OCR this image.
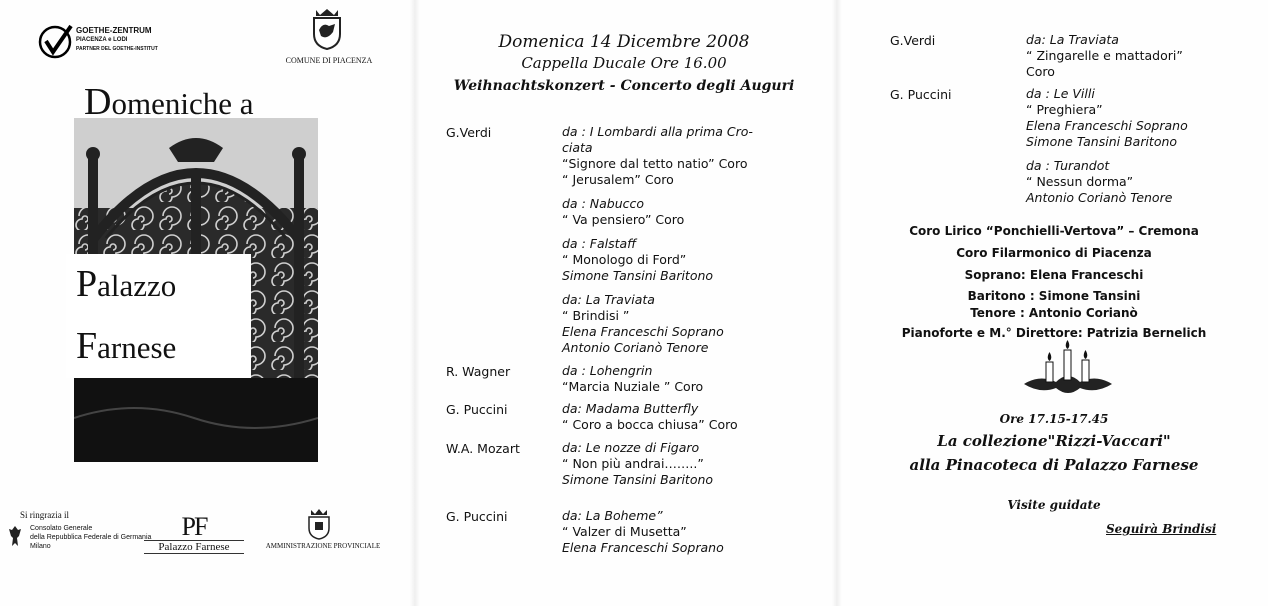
GOETHE-ZENTRUM
PIACENZA e LODI
PARTNER DEL GOETHE-INSTITUT
COMUNE DI PIACENZA
Domeniche a
Palazzo
Farnese
Si ringrazia il
Consolato Generale
della Repubblica Federale di Germania
Milano
PF
Palazzo Farnese	AMMINISTRAZIONE PROVINCIALE
Domenica 14 Dicembre 2008
Cappella Ducale Ore 16.00
Weihnachtskonzert - Concerto degli Auguri
G.Verdi	da : I Lombardi alla prima Cro-
ciata
“Signore dal tetto natio” Coro
“ Jerusalem” Coro
da : Nabucco
“ Va pensiero” Coro
da : Falstaff
“ Monologo di Ford”
Simone Tansini Baritono
da: La Traviata
“ Brindisi ”
Elena Franceschi Soprano
Antonio Corianò Tenore
R. Wagner	da : Lohengrin
“Marcia Nuziale ” Coro
G. Puccini	da: Madama Butterfly
“ Coro a bocca chiusa” Coro
W.A. Mozart	da: Le nozze di Figaro
“ Non più andrai……..”
Simone Tansini Baritono
G. Puccini	da: La Boheme”
“ Valzer di Musetta”
Elena Franceschi Soprano
G.Verdi	da: La Traviata
“ Zingarelle e mattadori”
Coro
G. Puccini	da : Le Villi
“ Preghiera”
Elena Franceschi Soprano
Simone Tansini Baritono
da : Turandot
“ Nessun dorma”
Antonio Corianò Tenore
Coro Lirico “Ponchielli-Vertova” – Cremona
Coro Filarmonico di Piacenza
Soprano: Elena Franceschi
Baritono : Simone Tansini
Tenore : Antonio Corianò
Pianoforte e M.° Direttore: Patrizia Bernelich
Ore 17.15-17.45
La collezione"Rizzi-Vaccari"
alla Pinacoteca di Palazzo Farnese
Visite guidate
Seguirà Brindisi
